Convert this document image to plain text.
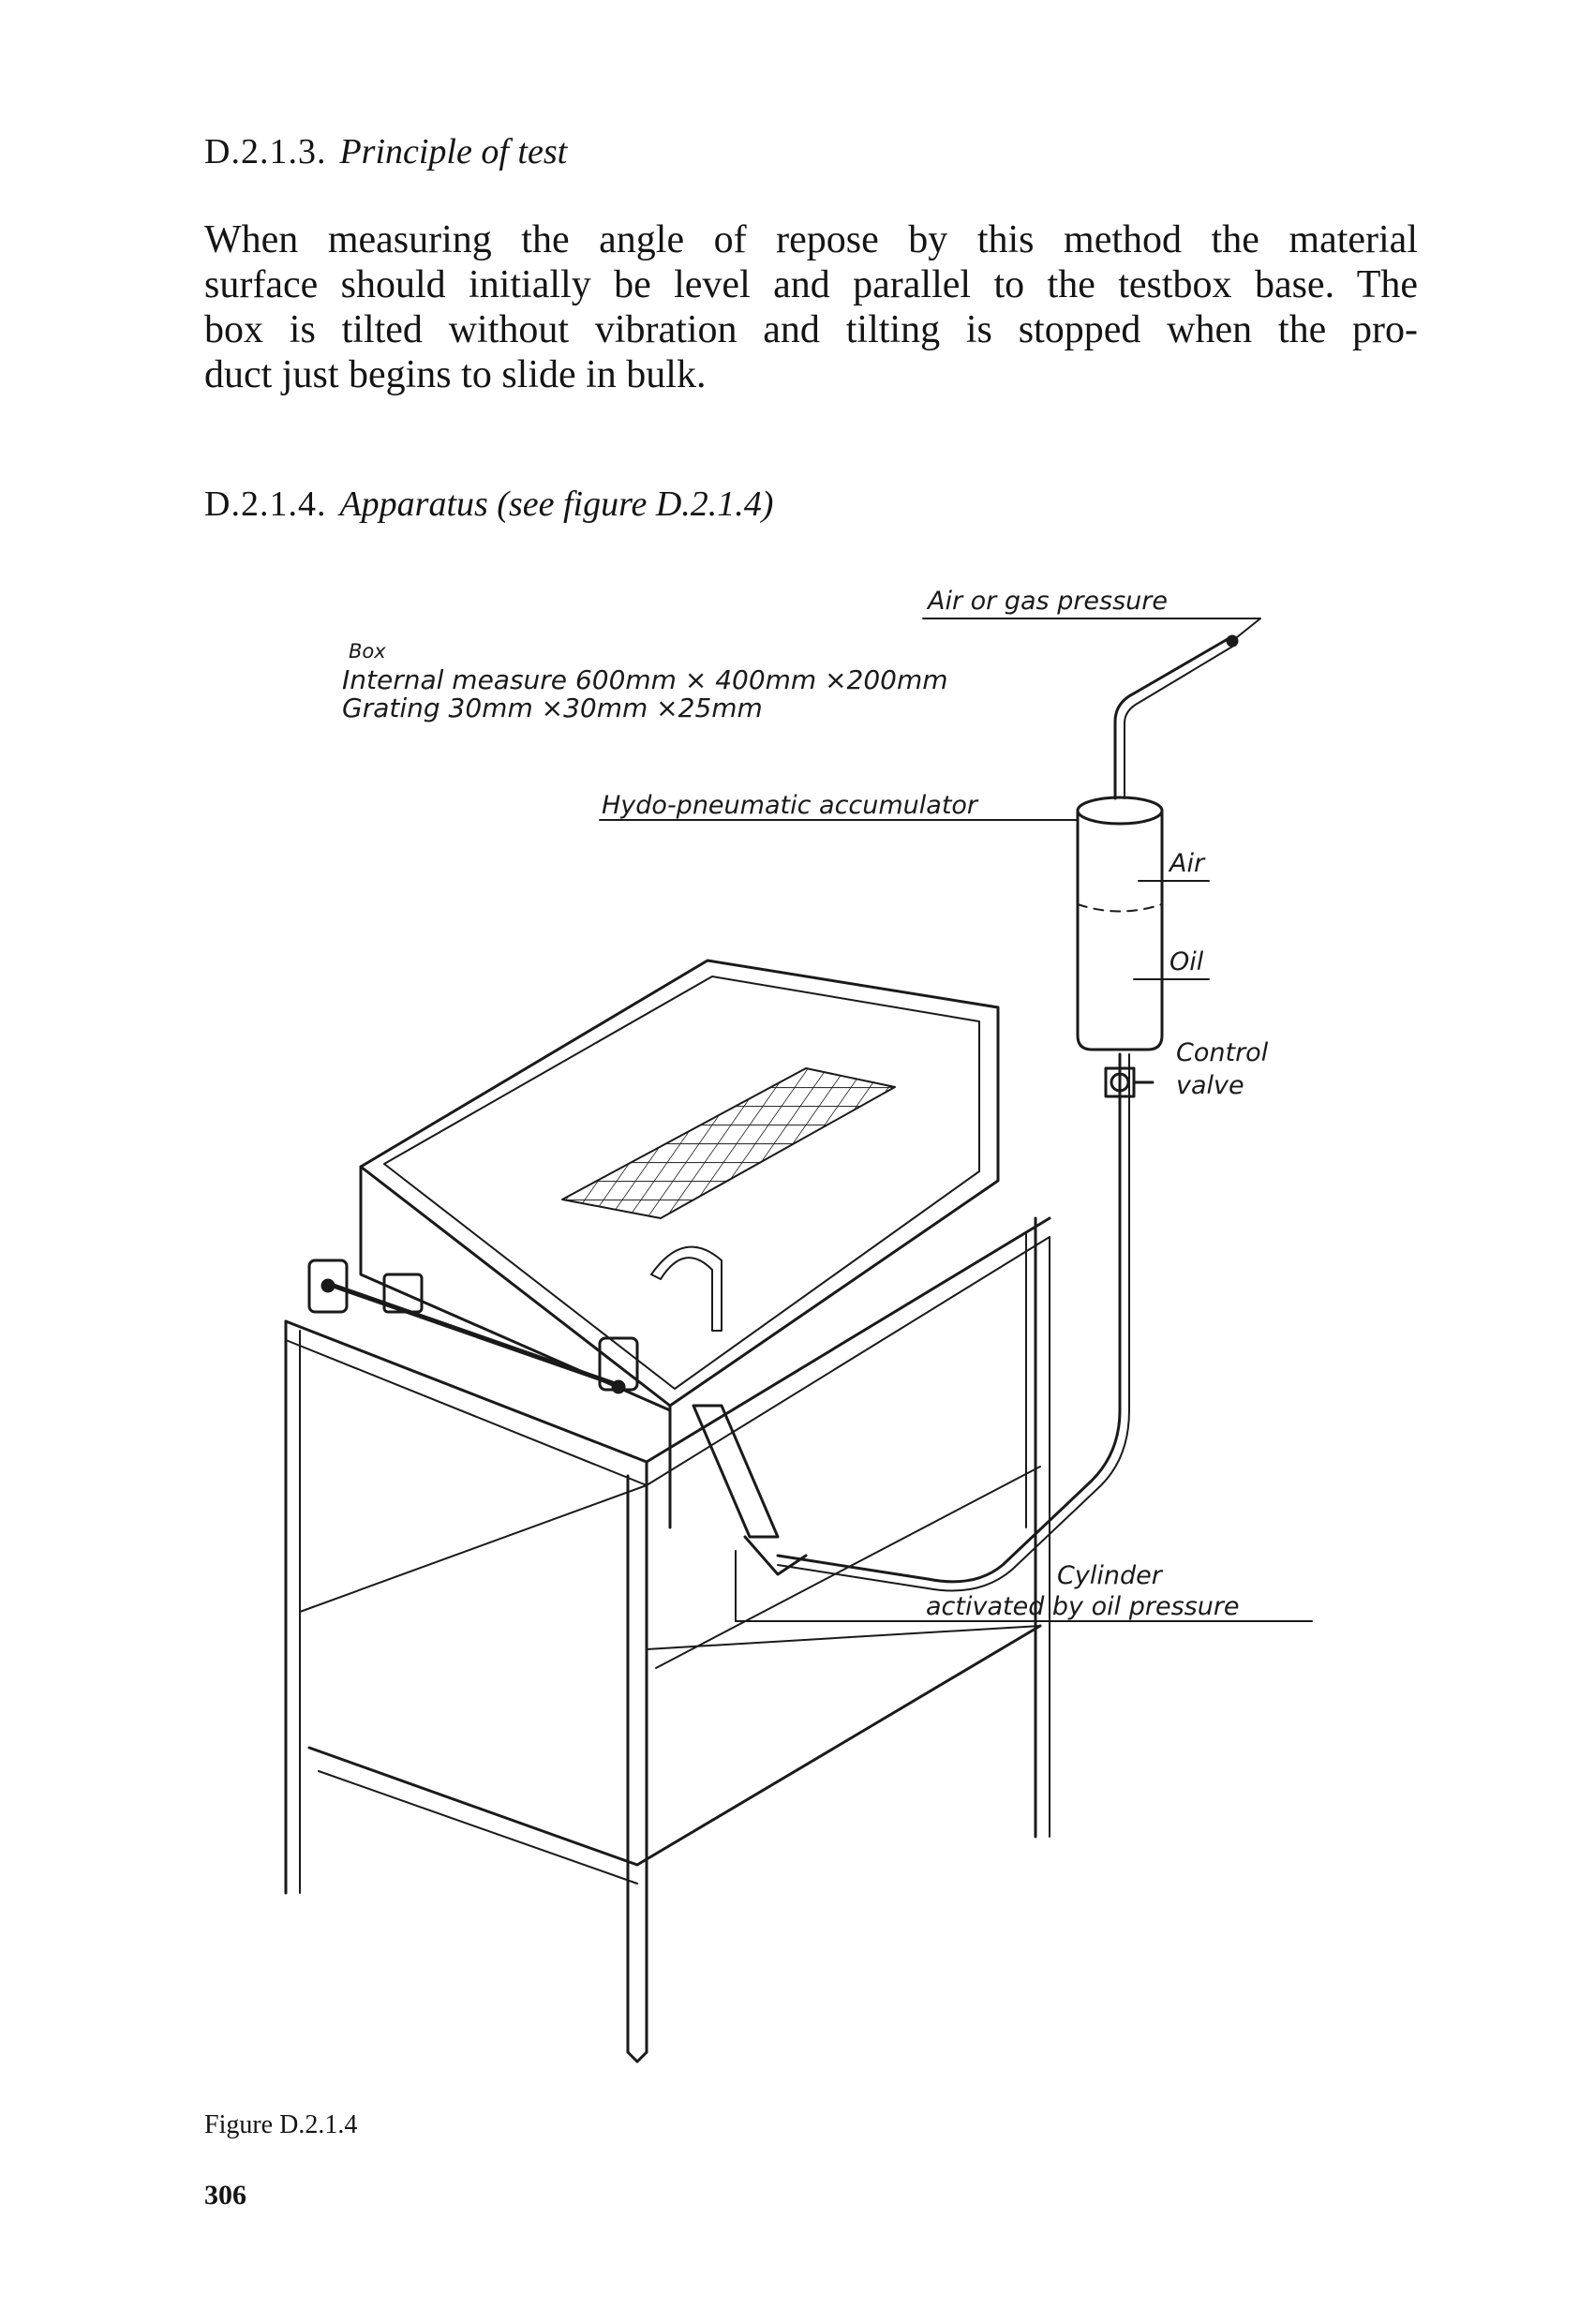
D.2.1.3. Principle of test
When measuring the angle of repose by this method the material
surface should initially be level and parallel to the testbox base. The
box is tilted without vibration and tilting is stopped when the pro-
duct just begins to slide in bulk.
D.2.1.4. Apparatus (see figure D.2.1.4)
Air or gas pressure
Box
Internal measure 600mm × 400mm ×200mm
Grating 30mm ×30mm ×25mm
Hydo-pneumatic accumulator
Air
Oil
Control
valve
Cylinder
activated by oil pressure
Figure D.2.1.4
306
